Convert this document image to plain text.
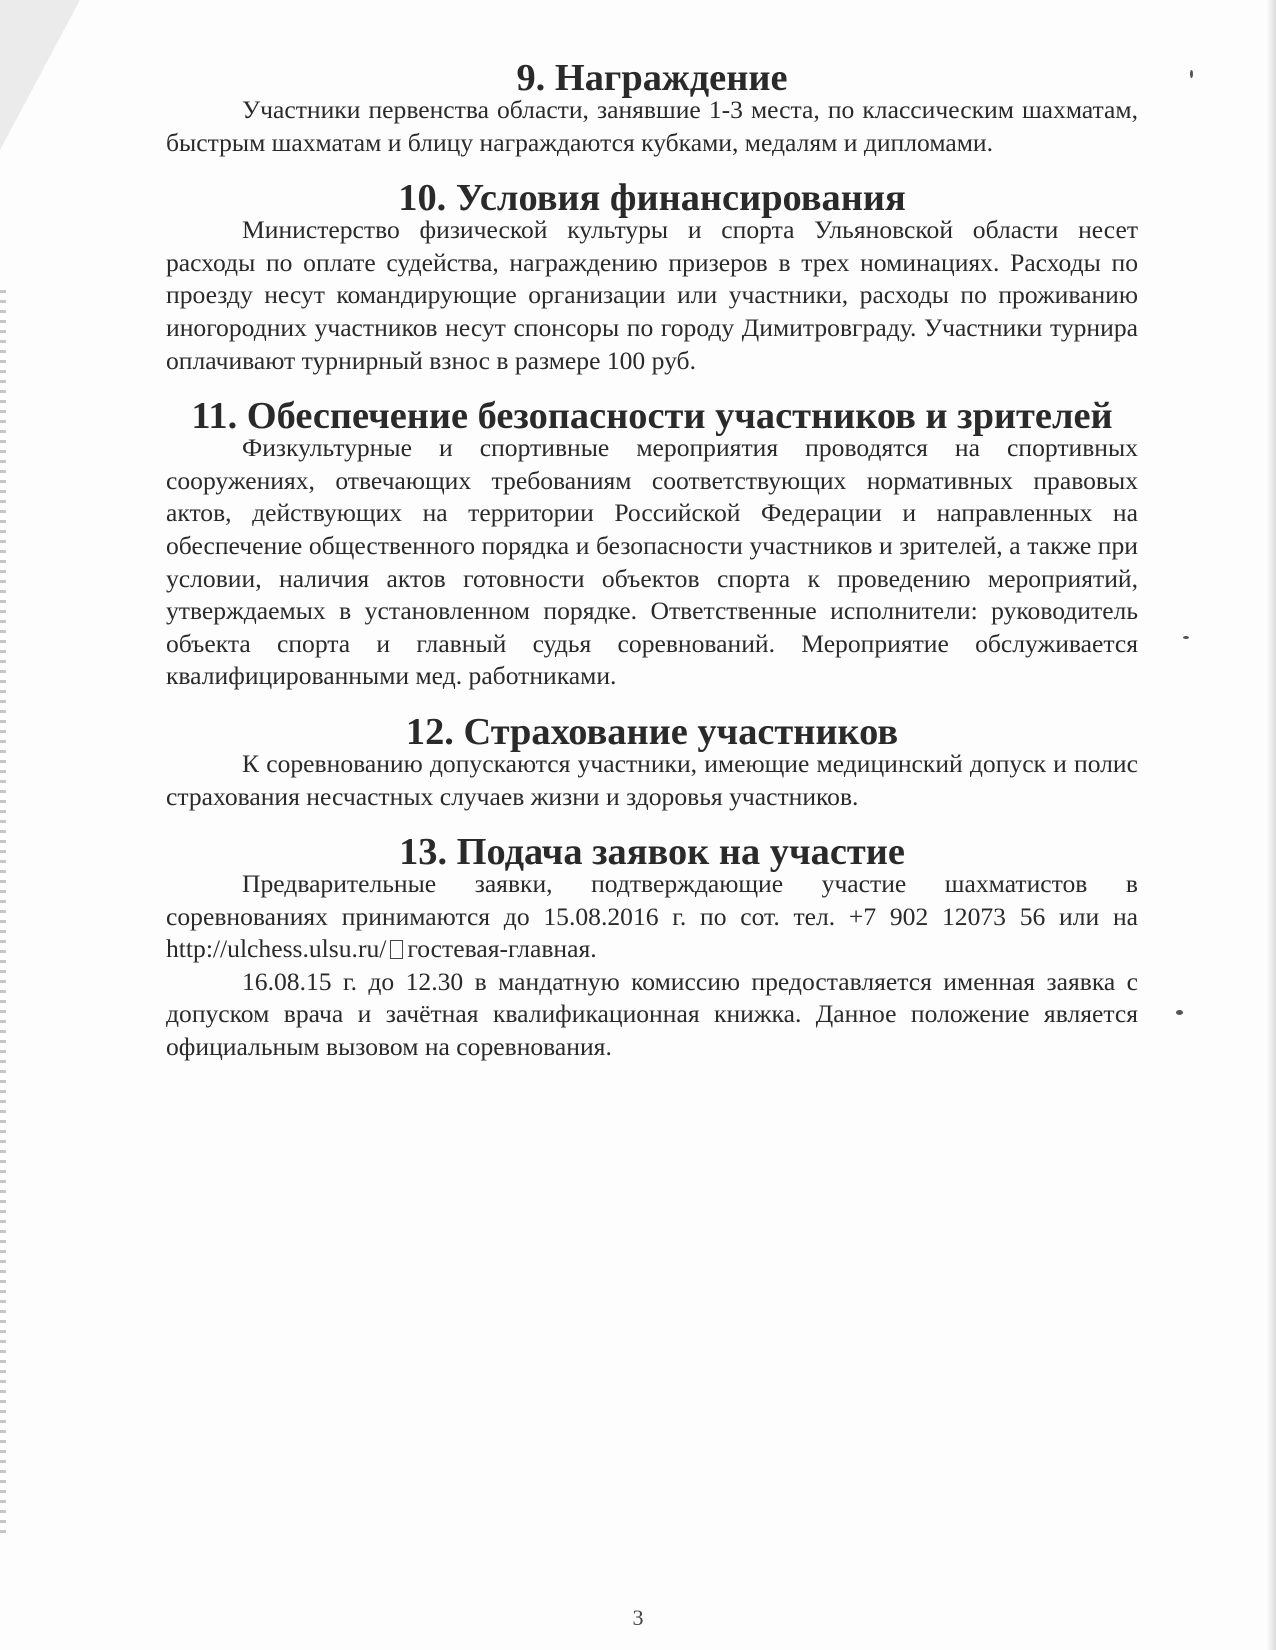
9. Награждение

Участники первенства области, занявшие 1-3 места, по классическим шахматам, быстрым шахматам и блицу награждаются кубками, медалям и дипломами.

10. Условия финансирования

Министерство физической культуры и спорта Ульяновской области несет расходы по оплате судейства, награждению призеров в трех номинациях. Расходы по проезду несут командирующие организации или участники, расходы по проживанию иногородних участников несут спонсоры по городу Димитровграду. Участники турнира оплачивают турнирный взнос в размере 100 руб.

11. Обеспечение безопасности участников и зрителей

Физкультурные и спортивные мероприятия проводятся на спортивных сооружениях, отвечающих требованиям соответствующих нормативных правовых актов, действующих на территории Российской Федерации и направленных на обеспечение общественного порядка и безопасности участников и зрителей, а также при условии, наличия актов готовности объектов спорта к проведению мероприятий, утверждаемых в установленном порядке. Ответственные исполнители: руководитель объекта спорта и главный судья соревнований. Мероприятие обслуживается квалифицированными мед. работниками.

12. Страхование участников

К соревнованию допускаются участники, имеющие медицинский допуск и полис страхования несчастных случаев жизни и здоровья участников.

13. Подача заявок на участие

Предварительные заявки, подтверждающие участие шахматистов в соревнованиях принимаются до 15.08.2016 г. по сот. тел. +7 902 12073 56 или на http://ulchess.ulsu.ru/ гостевая-главная.

16.08.15 г. до 12.30 в мандатную комиссию предоставляется именная заявка с допуском врача и зачётная квалификационная книжка. Данное положение является официальным вызовом на соревнования.

3
